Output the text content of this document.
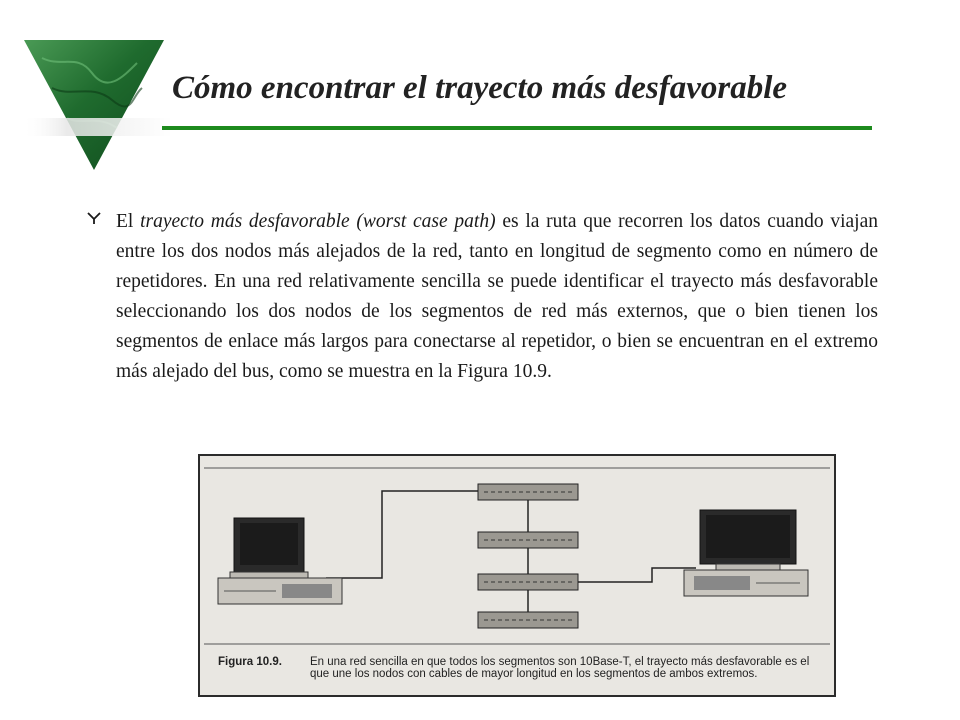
Cómo encontrar el trayecto más desfavorable

El trayecto más desfavorable (worst case path) es la ruta que recorren los datos cuando viajan entre los dos nodos más alejados de la red, tanto en longitud de segmento como en número de repetidores. En una red relativamente sencilla se puede identificar el trayecto más desfavorable seleccionando los dos nodos de los segmentos de red más externos, que o bien tienen los segmentos de enlace más largos para conectarse al repetidor, o bien se encuentran en el extremo más alejado del bus, como se muestra en la Figura 10.9.

Figura 10.9.	En una red sencilla en que todos los segmentos son 10Base-T, el trayecto más desfavorable es el que une los nodos con cables de mayor longitud en los segmentos de ambos extremos.
